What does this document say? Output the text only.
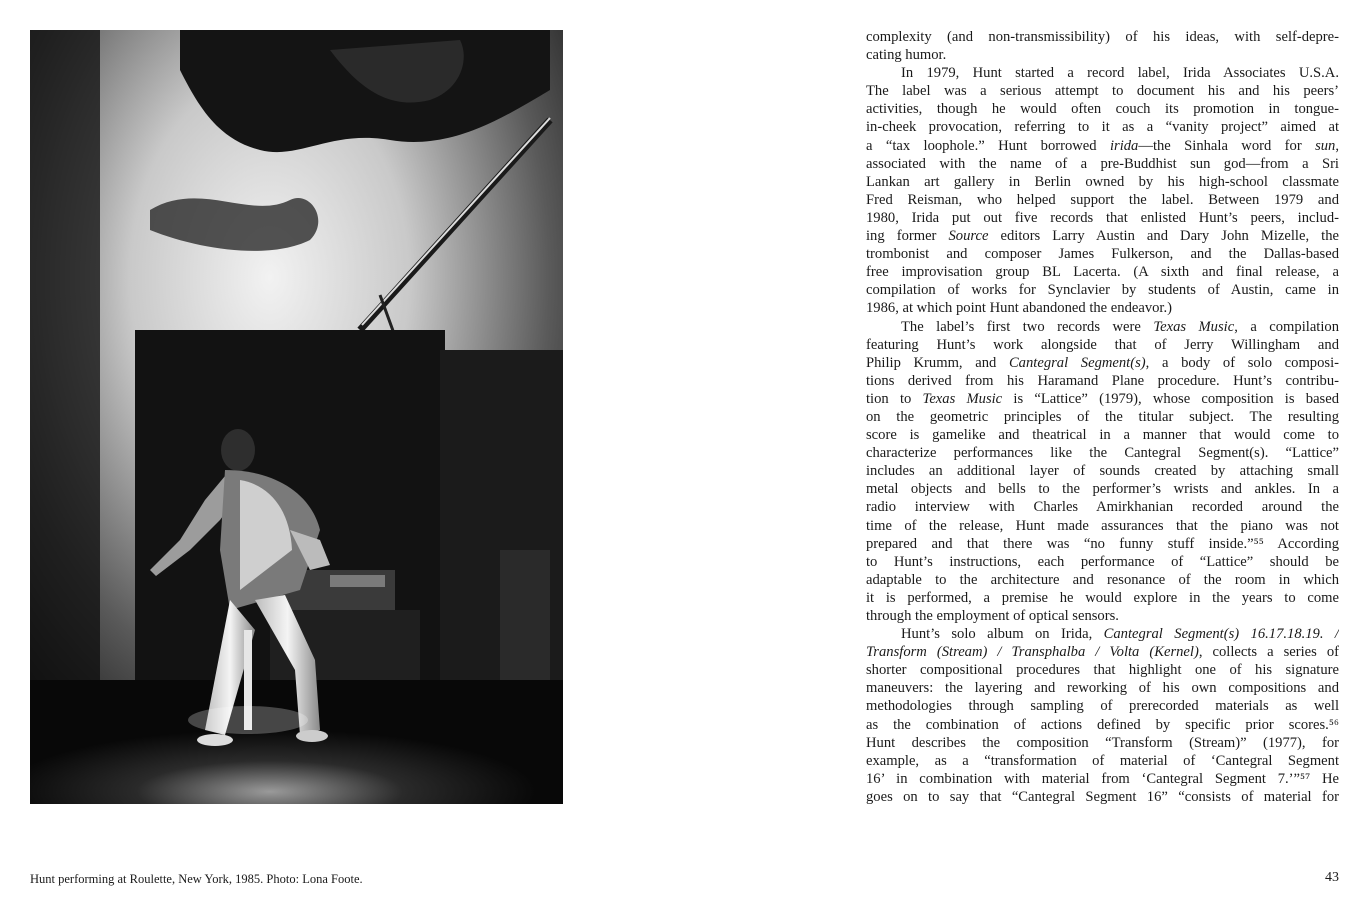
complexity (and non-transmissibility) of his ideas, with self-depre-
cating humor.
In 1979, Hunt started a record label, Irida Associates U.S.A.
The label was a serious attempt to document his and his peers’
activities, though he would often couch its promotion in tongue-
in-cheek provocation, referring to it as a “vanity project” aimed at
a “tax loophole.” Hunt borrowed irida—the Sinhala word for sun,
associated with the name of a pre-Buddhist sun god—from a Sri
Lankan art gallery in Berlin owned by his high-school classmate
Fred Reisman, who helped support the label. Between 1979 and
1980, Irida put out five records that enlisted Hunt’s peers, includ-
ing former Source editors Larry Austin and Dary John Mizelle, the
trombonist and composer James Fulkerson, and the Dallas-based
free improvisation group BL Lacerta. (A sixth and final release, a
compilation of works for Synclavier by students of Austin, came in
1986, at which point Hunt abandoned the endeavor.)
The label’s first two records were Texas Music, a compilation
featuring Hunt’s work alongside that of Jerry Willingham and
Philip Krumm, and Cantegral Segment(s), a body of solo composi-
tions derived from his Haramand Plane procedure. Hunt’s contribu-
tion to Texas Music is “Lattice” (1979), whose composition is based
on the geometric principles of the titular subject. The resulting
score is gamelike and theatrical in a manner that would come to
characterize performances like the Cantegral Segment(s). “Lattice”
includes an additional layer of sounds created by attaching small
metal objects and bells to the performer’s wrists and ankles. In a
radio interview with Charles Amirkhanian recorded around the
time of the release, Hunt made assurances that the piano was not
prepared and that there was “no funny stuff inside.”⁵⁵ According
to Hunt’s instructions, each performance of “Lattice” should be
adaptable to the architecture and resonance of the room in which
it is performed, a premise he would explore in the years to come
through the employment of optical sensors.
Hunt’s solo album on Irida, Cantegral Segment(s) 16.17.18.19. /
Transform (Stream) / Transphalba / Volta (Kernel), collects a series of
shorter compositional procedures that highlight one of his signature
maneuvers: the layering and reworking of his own compositions and
methodologies through sampling of prerecorded materials as well
as the combination of actions defined by specific prior scores.⁵⁶
Hunt describes the composition “Transform (Stream)” (1977), for
example, as a “transformation of material of ‘Cantegral Segment
16’ in combination with material from ‘Cantegral Segment 7.’”⁵⁷ He
goes on to say that “Cantegral Segment 16” “consists of material for
Hunt performing at Roulette, New York, 1985. Photo: Lona Foote.	43
